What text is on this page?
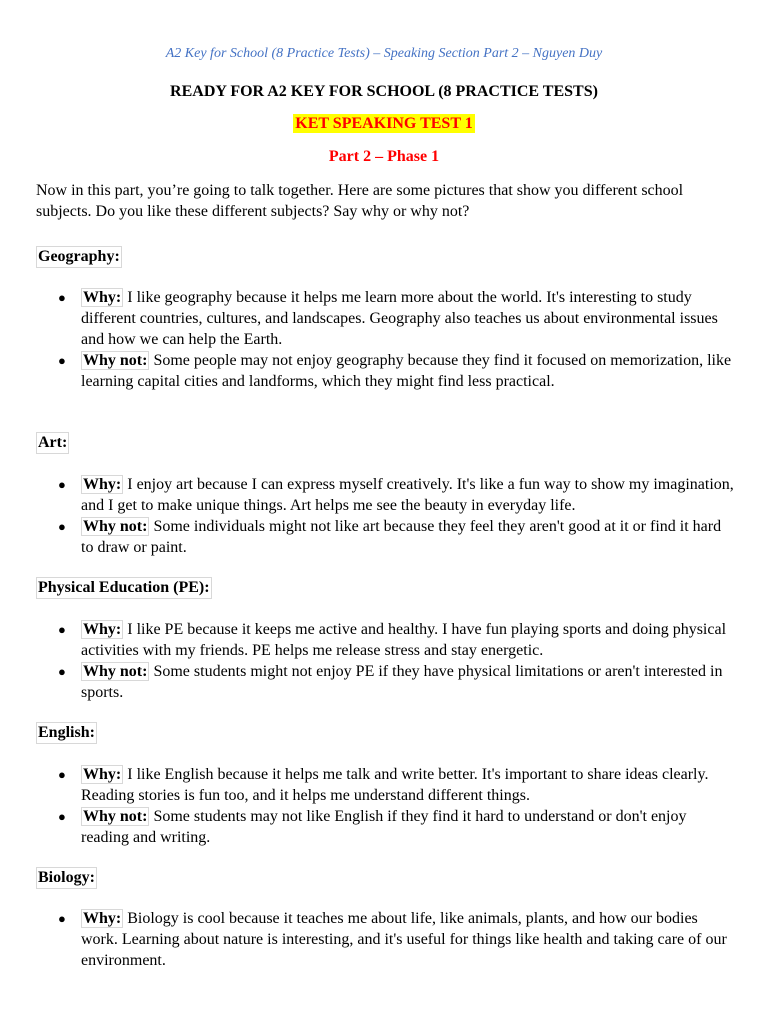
A2 Key for School (8 Practice Tests) – Speaking Section Part 2 – Nguyen Duy
READY FOR A2 KEY FOR SCHOOL (8 PRACTICE TESTS)
KET SPEAKING TEST 1
Part 2 – Phase 1
Now in this part, you’re going to talk together. Here are some pictures that show you different school subjects. Do you like these different subjects? Say why or why not?
Geography:
● Why: I like geography because it helps me learn more about the world. It's interesting to study different countries, cultures, and landscapes. Geography also teaches us about environmental issues and how we can help the Earth.
● Why not: Some people may not enjoy geography because they find it focused on memorization, like learning capital cities and landforms, which they might find less practical.
Art:
● Why: I enjoy art because I can express myself creatively. It's like a fun way to show my imagination, and I get to make unique things. Art helps me see the beauty in everyday life.
● Why not: Some individuals might not like art because they feel they aren't good at it or find it hard to draw or paint.
Physical Education (PE):
● Why: I like PE because it keeps me active and healthy. I have fun playing sports and doing physical activities with my friends. PE helps me release stress and stay energetic.
● Why not: Some students might not enjoy PE if they have physical limitations or aren't interested in sports.
English:
● Why: I like English because it helps me talk and write better. It's important to share ideas clearly. Reading stories is fun too, and it helps me understand different things.
● Why not: Some students may not like English if they find it hard to understand or don't enjoy reading and writing.
Biology:
● Why: Biology is cool because it teaches me about life, like animals, plants, and how our bodies work. Learning about nature is interesting, and it's useful for things like health and taking care of our environment.
